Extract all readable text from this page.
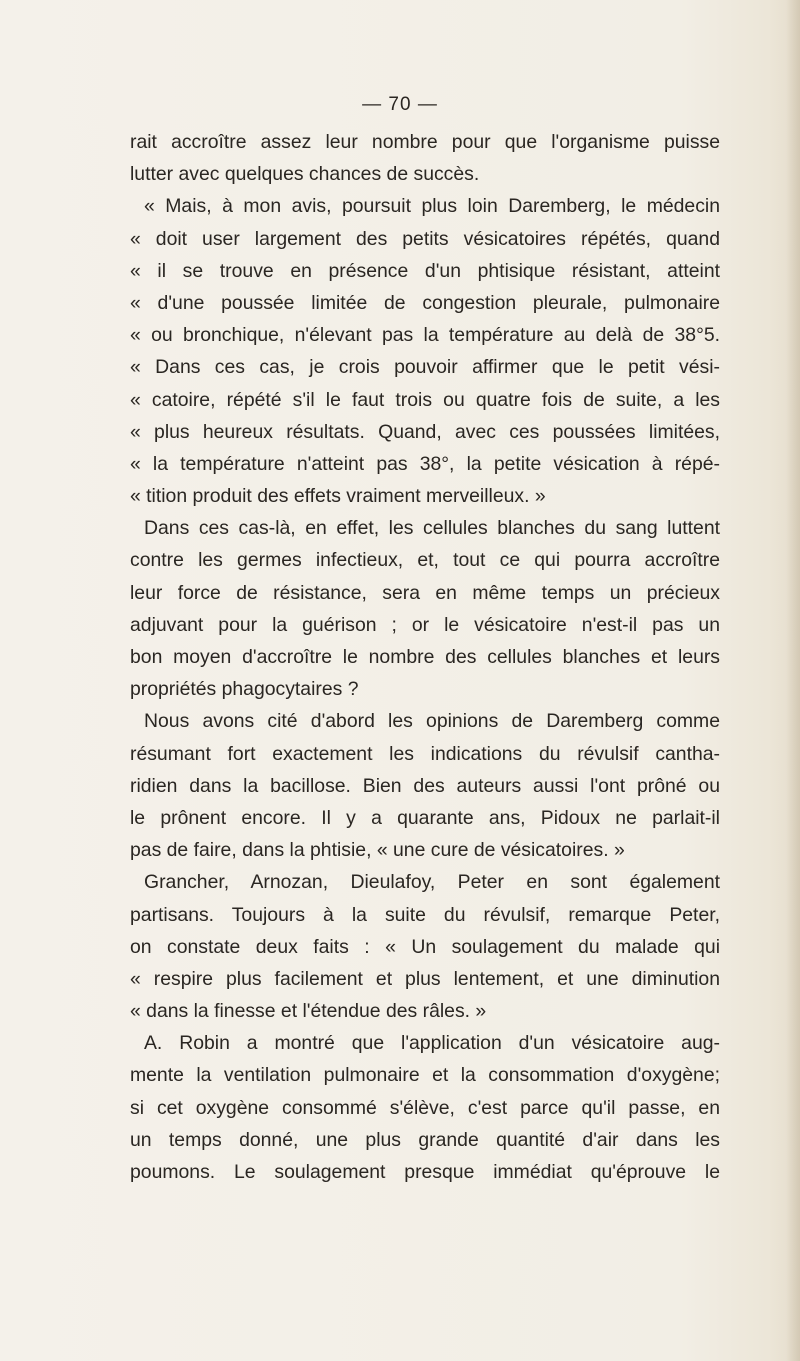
— 70 —
rait accroître assez leur nombre pour que l'organisme puisse
lutter avec quelques chances de succès.
« Mais, à mon avis, poursuit plus loin Daremberg, le médecin
« doit user largement des petits vésicatoires répétés, quand
« il se trouve en présence d'un phtisique résistant, atteint
« d'une poussée limitée de congestion pleurale, pulmonaire
« ou bronchique, n'élevant pas la température au delà de 38°5.
« Dans ces cas, je crois pouvoir affirmer que le petit vési-
« catoire, répété s'il le faut trois ou quatre fois de suite, a les
« plus heureux résultats. Quand, avec ces poussées limitées,
« la température n'atteint pas 38°, la petite vésication à répé-
« tition produit des effets vraiment merveilleux. »
Dans ces cas-là, en effet, les cellules blanches du sang luttent
contre les germes infectieux, et, tout ce qui pourra accroître
leur force de résistance, sera en même temps un précieux
adjuvant pour la guérison ; or le vésicatoire n'est-il pas un
bon moyen d'accroître le nombre des cellules blanches et leurs
propriétés phagocytaires ?
Nous avons cité d'abord les opinions de Daremberg comme
résumant fort exactement les indications du révulsif cantha-
ridien dans la bacillose. Bien des auteurs aussi l'ont prôné ou
le prônent encore. Il y a quarante ans, Pidoux ne parlait-il
pas de faire, dans la phtisie, « une cure de vésicatoires. »
Grancher, Arnozan, Dieulafoy, Peter en sont également
partisans. Toujours à la suite du révulsif, remarque Peter,
on constate deux faits : « Un soulagement du malade qui
« respire plus facilement et plus lentement, et une diminution
« dans la finesse et l'étendue des râles. »
A. Robin a montré que l'application d'un vésicatoire aug-
mente la ventilation pulmonaire et la consommation d'oxygène;
si cet oxygène consommé s'élève, c'est parce qu'il passe, en
un temps donné, une plus grande quantité d'air dans les
poumons. Le soulagement presque immédiat qu'éprouve le
